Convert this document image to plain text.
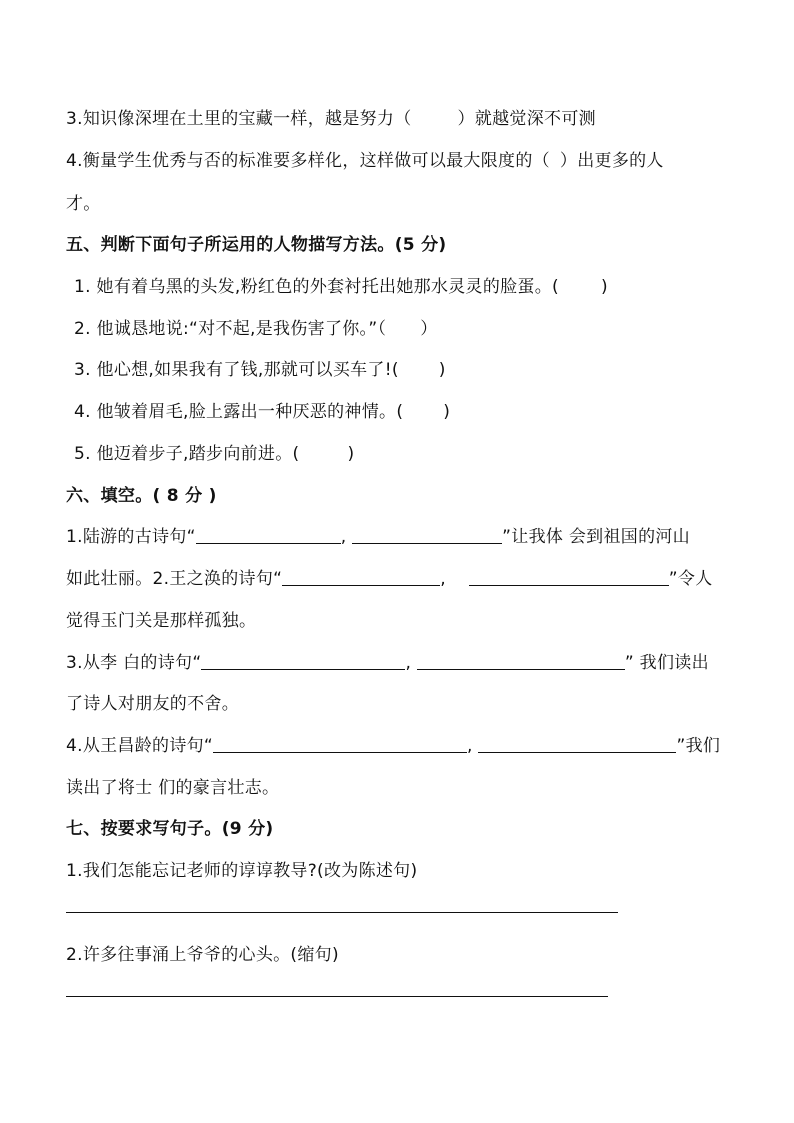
3.知识像深埋在土里的宝藏一样，越是努力（	）就越觉深不可测
4.衡量学生优秀与否的标准要多样化，这样做可以最大限度的（ ）出更多的人
才。
五、判断下面句子所运用的人物描写方法。(5 分)
1. 她有着乌黑的头发,粉红色的外套衬托出她那水灵灵的脸蛋。( )
2. 他诚恳地说:“对不起,是我伤害了你。”（ ）
3. 他心想,如果我有了钱,那就可以买车了!( )
4. 他皱着眉毛,脸上露出一种厌恶的神情。( )
5. 他迈着步子,踏步向前进。(	)
六、填空。( 8 分 )
1.陆游的古诗句“	,	”让我体 会到祖国的河山
如此壮丽。2.王之涣的诗句“	,	”令人
觉得玉门关是那样孤独。
3.从李 白的诗句“	,	” 我们读出
了诗人对朋友的不舍。
4.从王昌龄的诗句“	,	”我们
读出了将士 们的豪言壮志。
七、按要求写句子。(9 分)
1.我们怎能忘记老师的谆谆教导?(改为陈述句)
2.许多往事涌上爷爷的心头。(缩句)
